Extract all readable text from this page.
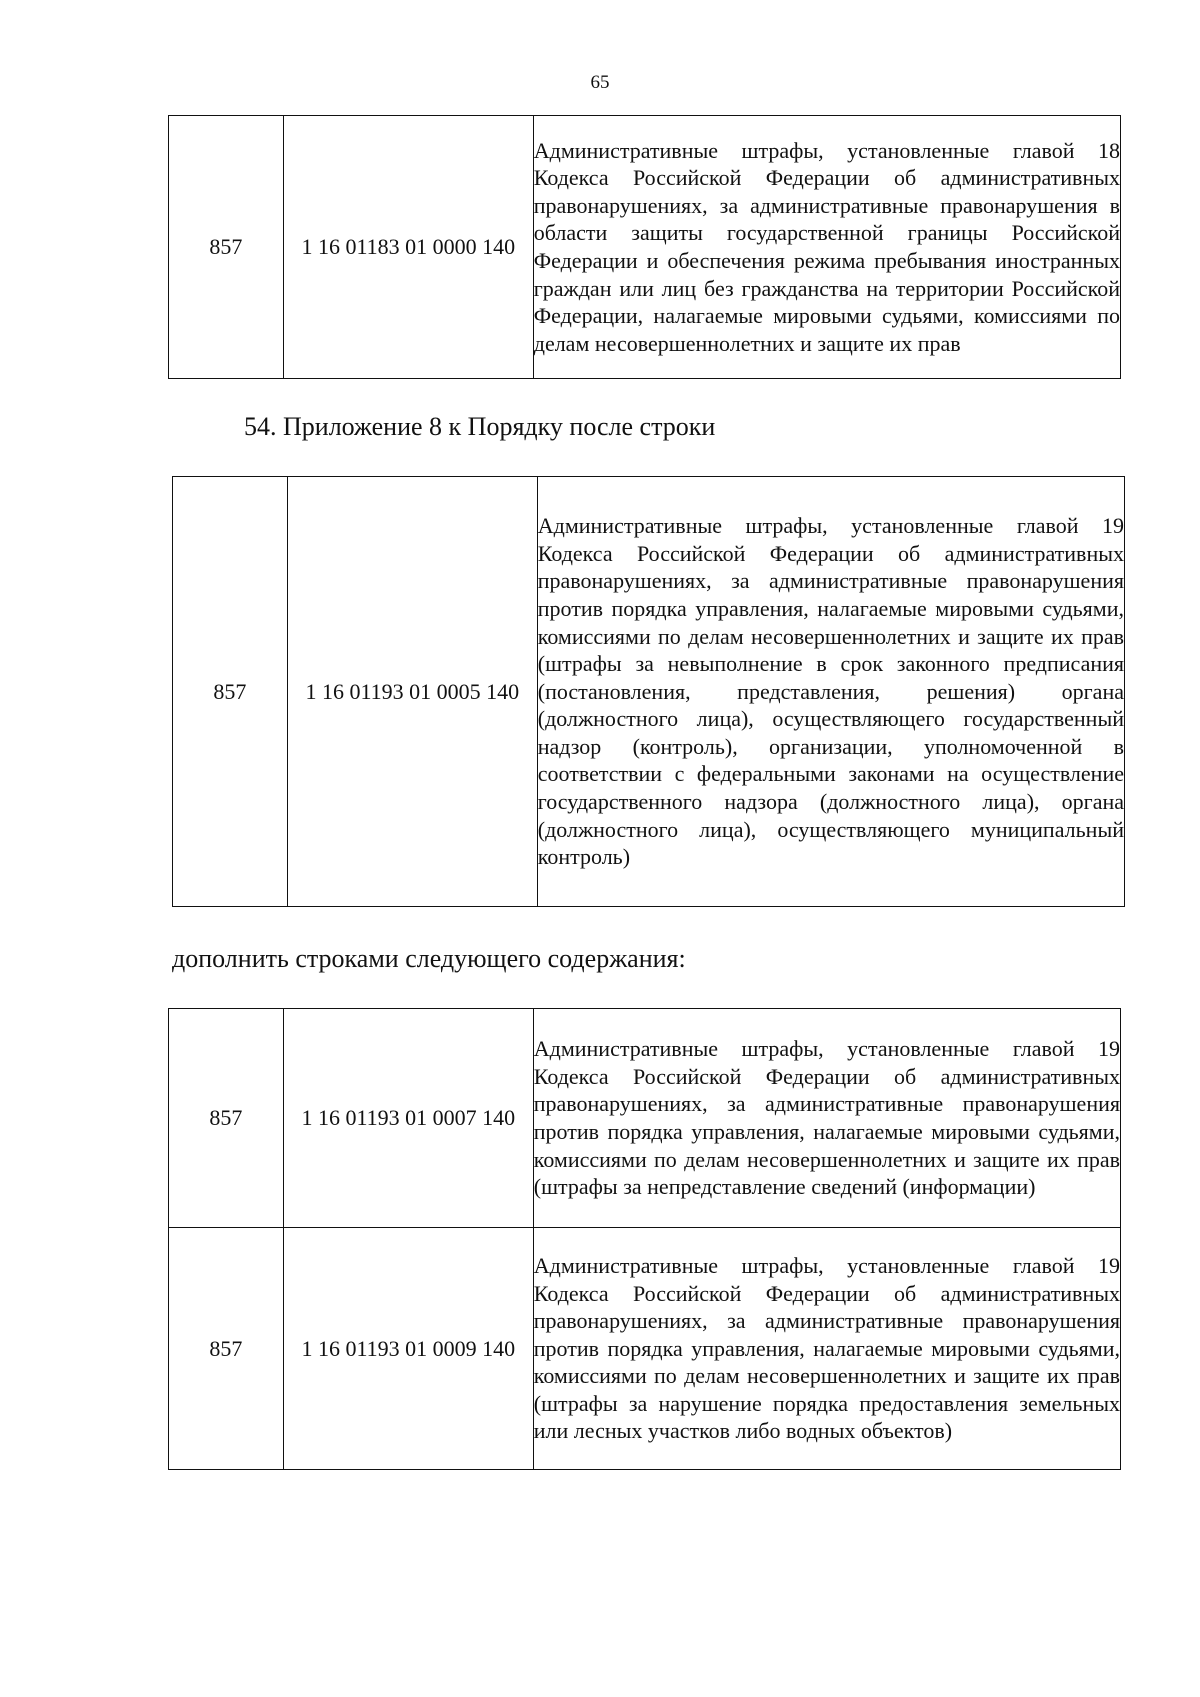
65
857	1 16 01183 01 0000 140	Административные штрафы, установленные главой 18 Кодекса Российской Федерации об административных правонарушениях, за административные правонарушения в области защиты государственной границы Российской Федерации и обеспечения режима пребывания иностранных граждан или лиц без гражданства на территории Российской Федерации, налагаемые мировыми судьями, комиссиями по делам несовершеннолетних и защите их прав
54. Приложение 8 к Порядку после строки
857	1 16 01193 01 0005 140	Административные штрафы, установленные главой 19 Кодекса Российской Федерации об административных правонарушениях, за административные правонарушения против порядка управления, налагаемые мировыми судьями, комиссиями по делам несовершеннолетних и защите их прав (штрафы за невыполнение в срок законного предписания (постановления, представления, решения) органа (должностного лица), осуществляющего государственный надзор (контроль), организации, уполномоченной в соответствии с федеральными законами на осуществление государственного надзора (должностного лица), органа (должностного лица), осуществляющего муниципальный контроль)
дополнить строками следующего содержания:
857	1 16 01193 01 0007 140	Административные штрафы, установленные главой 19 Кодекса Российской Федерации об административных правонарушениях, за административные правонарушения против порядка управления, налагаемые мировыми судьями, комиссиями по делам несовершеннолетних и защите их прав (штрафы за непредставление сведений (информации)
857	1 16 01193 01 0009 140	Административные штрафы, установленные главой 19 Кодекса Российской Федерации об административных правонарушениях, за административные правонарушения против порядка управления, налагаемые мировыми судьями, комиссиями по делам несовершеннолетних и защите их прав (штрафы за нарушение порядка предоставления земельных или лесных участков либо водных объектов)
